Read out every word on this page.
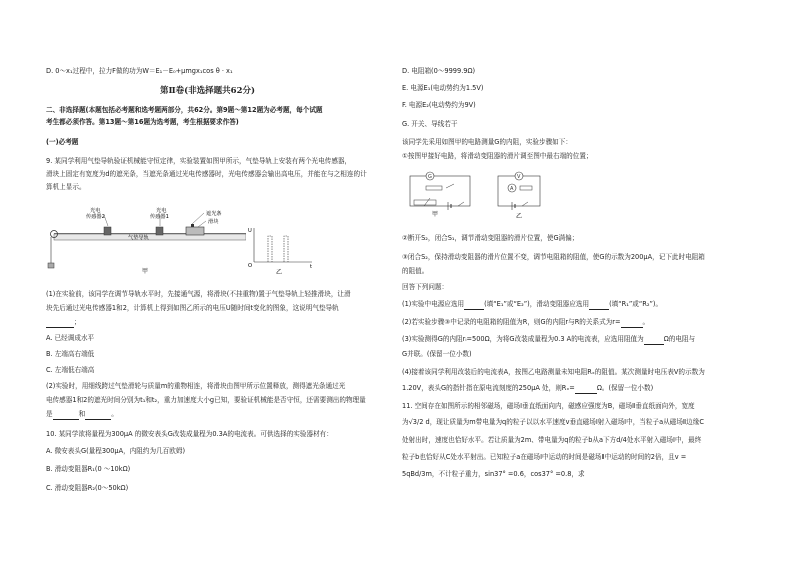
D. 0～x₁过程中，拉力F做的功为W＝E₁－E₀+μmgx₁cos θ · x₁
第Ⅱ卷(非选择题共62分)
二、非选择题(本题包括必考题和选考题两部分，共62分。第9题～第12题为必考题，每个试题
考生都必须作答。第13题～第16题为选考题，考生根据要求作答)
(一)必考题
9. 某同学利用气垫导轨验证机械能守恒定律，实验装置如图甲所示，气垫导轨上安装有两个光电传感器，
滑块上固定有宽度为d的遮光条，当遮光条通过光电传感器时，光电传感器会输出高电压，并能在与之相连的计
算机上显示。
光电
传感器2
光电
传感器1	遮光条
滑块
气垫导轨
甲
U
O	t
乙
(1)在实验前，该同学在调节导轨水平时，先接通气源，将滑块(不挂重物)置于气垫导轨上轻推滑块，让滑
块先后通过光电传感器1和2，计算机上得到如图乙所示的电压U随时间t变化的图象，这说明气垫导轨
；
A. 已经调成水平
B. 左端高右端低
C. 左端低右端高
(2)实验时，用细线跨过气垫滑轮与质量m的重物相连，将滑块由图甲所示位置释放，测得遮光条通过光
电传感器1和2的遮光时间分别为t₁和t₂，重力加速度大小g已知，要验证机械能是否守恒，还需要测出的物理量
是	和	。
10. 某同学欲将量程为300μA 的微安表头G改装成量程为0.3A的电流表。可供选择的实验器材有：
A. 微安表头G(量程300μA，内阻约为几百欧姆)
B. 滑动变阻器R₁(0 ～10kΩ)
C. 滑动变阻器R₂(0～50kΩ)
D. 电阻箱(0～9999.9Ω)
E. 电源E₁(电动势约为1.5V)
F. 电源E₂(电动势约为9V)
G. 开关、导线若干
该同学先采用如图甲的电路测量G的内阻，实验步骤如下：
①按图甲接好电路，将滑动变阻器的滑片调至图中最右端的位置；
G
甲
V
A
乙
②断开S₂，闭合S₁，调节滑动变阻器的滑片位置，使G满偏；
③闭合S₂，保持滑动变阻器的滑片位置不变，调节电阻箱的阻值，使G的示数为200μA，记下此时电阻箱
的阻值。
回答下列问题：
(1)实验中电源应选用	(填“E₁”或“E₂”)，滑动变阻器应选用	(填“R₁”或“R₂”)。
(2)若实验步骤③中记录的电阻箱的阻值为R，则G的内阻r与R的关系式为r=	。
(3)实验测得G的内阻rᵢ=500Ω，为将G改装成量程为0.3 A的电流表，应选用阻值为	Ω的电阻与
G并联。(保留一位小数)
(4)接着该同学利用改装后的电流表A，按图乙电路测量未知电阻Rₓ的阻值。某次测量时电压表V的示数为
1.20V，表头G的指针指在原电流刻度的250μA 处，则Rₓ=	Ω。(保留一位小数)
11. 空间存在如图所示的相邻磁场，磁场Ⅰ垂直纸面向内，磁感应强度为B，磁场Ⅱ垂直纸面向外，宽度
为√3/2 d，现让质量为m带电量为q的粒子以以水平速度v垂直磁场Ⅰ射入磁场Ⅰ中，当粒子a从磁场Ⅱ边缘C
处射出时，速度也恰好水平。若让质量为2m、带电量为q的粒子b从a下方d/4处水平射入磁场Ⅰ中，最终
粒子b也恰好从C处水平射出。已知粒子a在磁场Ⅰ中运动的时间是磁场Ⅱ中运动的时间的2倍，且v =
5qBd/3m，不计粒子重力，sin37° =0.6，cos37° =0.8，求
